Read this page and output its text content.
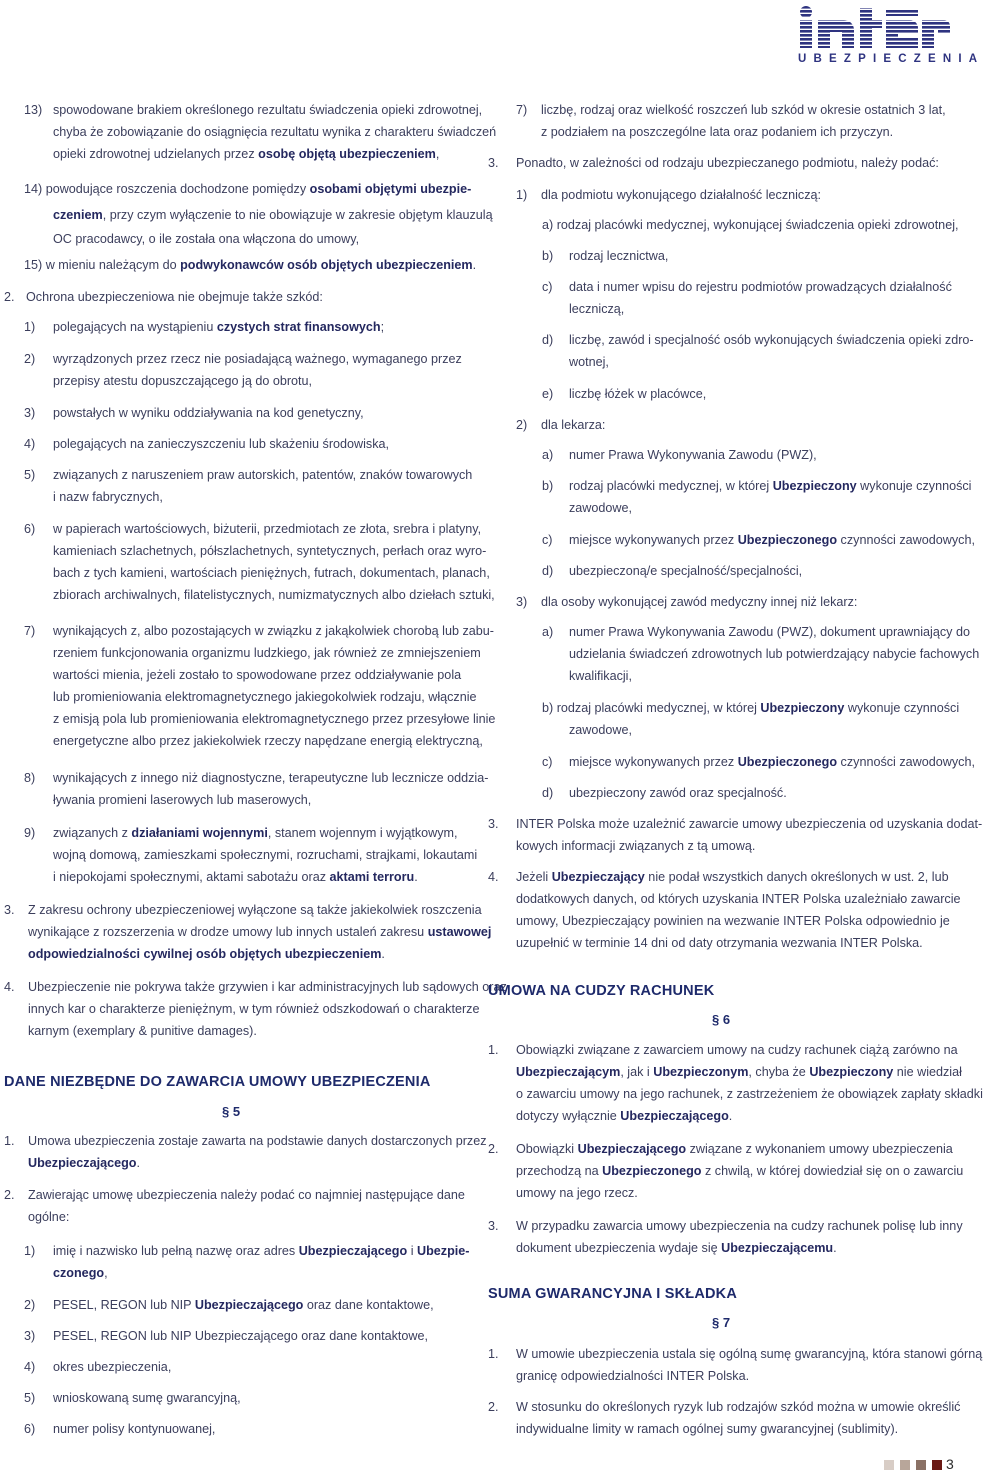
UBEZPIECZENIA
13) spowodowane brakiem określonego rezultatu świadczenia opieki zdrowotnej,
chyba że zobowiązanie do osiągnięcia rezultatu wynika z charakteru świadczeń
opieki zdrowotnej udzielanych przez osobę objętą ubezpieczeniem,
14) powodujące roszczenia dochodzone pomiędzy osobami objętymi ubezpie-
czeniem, przy czym wyłączenie to nie obowiązuje w zakresie objętym klauzulą
OC pracodawcy, o ile została ona włączona do umowy,
15) w mieniu należącym do podwykonawców osób objętych ubezpieczeniem.
2. Ochrona ubezpieczeniowa nie obejmuje także szkód:
1) polegających na wystąpieniu czystych strat finansowych;
2) wyrządzonych przez rzecz nie posiadającą ważnego, wymaganego przez
przepisy atestu dopuszczającego ją do obrotu,
3) powstałych w wyniku oddziaływania na kod genetyczny,
4) polegających na zanieczyszczeniu lub skażeniu środowiska,
5) związanych z naruszeniem praw autorskich, patentów, znaków towarowych
i nazw fabrycznych,
6) w papierach wartościowych, biżuterii, przedmiotach ze złota, srebra i platyny,
kamieniach szlachetnych, półszlachetnych, syntetycznych, perłach oraz wyro-
bach z tych kamieni, wartościach pieniężnych, futrach, dokumentach, planach,
zbiorach archiwalnych, filatelistycznych, numizmatycznych albo dziełach sztuki,
7) wynikających z, albo pozostających w związku z jakąkolwiek chorobą lub zabu-
rzeniem funkcjonowania organizmu ludzkiego, jak również ze zmniejszeniem
wartości mienia, jeżeli zostało to spowodowane przez oddziaływanie pola
lub promieniowania elektromagnetycznego jakiegokolwiek rodzaju, włącznie
z emisją pola lub promieniowania elektromagnetycznego przez przesyłowe linie
energetyczne albo przez jakiekolwiek rzeczy napędzane energią elektryczną,
8) wynikających z innego niż diagnostyczne, terapeutyczne lub lecznicze oddzia-
ływania promieni laserowych lub maserowych,
9) związanych z działaniami wojennymi, stanem wojennym i wyjątkowym,
wojną domową, zamieszkami społecznymi, rozruchami, strajkami, lokautami
i niepokojami społecznymi, aktami sabotażu oraz aktami terroru.
3. Z zakresu ochrony ubezpieczeniowej wyłączone są także jakiekolwiek roszczenia
wynikające z rozszerzenia w drodze umowy lub innych ustaleń zakresu ustawowej
odpowiedzialności cywilnej osób objętych ubezpieczeniem.
4. Ubezpieczenie nie pokrywa także grzywien i kar administracyjnych lub sądowych oraz
innych kar o charakterze pieniężnym, w tym również odszkodowań o charakterze
karnym (exemplary & punitive damages).
DANE NIEZBĘDNE DO ZAWARCIA UMOWY UBEZPIECZENIA
§ 5
1. Umowa ubezpieczenia zostaje zawarta na podstawie danych dostarczonych przez
Ubezpieczającego.
2. Zawierając umowę ubezpieczenia należy podać co najmniej następujące dane
ogólne:
1) imię i nazwisko lub pełną nazwę oraz adres Ubezpieczającego i Ubezpie-
czonego,
2) PESEL, REGON lub NIP Ubezpieczającego oraz dane kontaktowe,
3) PESEL, REGON lub NIP Ubezpieczającego oraz dane kontaktowe,
4) okres ubezpieczenia,
5) wnioskowaną sumę gwarancyjną,
6) numer polisy kontynuowanej,
7) liczbę, rodzaj oraz wielkość roszczeń lub szkód w okresie ostatnich 3 lat,
z podziałem na poszczególne lata oraz podaniem ich przyczyn.
3. Ponadto, w zależności od rodzaju ubezpieczanego podmiotu, należy podać:
1) dla podmiotu wykonującego działalność leczniczą:
a) rodzaj placówki medycznej, wykonującej świadczenia opieki zdrowotnej,
b) rodzaj lecznictwa,
c) data i numer wpisu do rejestru podmiotów prowadzących działalność
leczniczą,
d) liczbę, zawód i specjalność osób wykonujących świadczenia opieki zdro-
wotnej,
e) liczbę łóżek w placówce,
2) dla lekarza:
a) numer Prawa Wykonywania Zawodu (PWZ),
b) rodzaj placówki medycznej, w której Ubezpieczony wykonuje czynności
zawodowe,
c) miejsce wykonywanych przez Ubezpieczonego czynności zawodowych,
d) ubezpieczoną/e specjalność/specjalności,
3) dla osoby wykonującej zawód medyczny innej niż lekarz:
a) numer Prawa Wykonywania Zawodu (PWZ), dokument uprawniający do
udzielania świadczeń zdrowotnych lub potwierdzający nabycie fachowych
kwalifikacji,
b) rodzaj placówki medycznej, w której Ubezpieczony wykonuje czynności
zawodowe,
c) miejsce wykonywanych przez Ubezpieczonego czynności zawodowych,
d) ubezpieczony zawód oraz specjalność.
3. INTER Polska może uzależnić zawarcie umowy ubezpieczenia od uzyskania dodat-
kowych informacji związanych z tą umową.
4. Jeżeli Ubezpieczający nie podał wszystkich danych określonych w ust. 2, lub
dodatkowych danych, od których uzyskania INTER Polska uzależniało zawarcie
umowy, Ubezpieczający powinien na wezwanie INTER Polska odpowiednio je
uzupełnić w terminie 14 dni od daty otrzymania wezwania INTER Polska.
UMOWA NA CUDZY RACHUNEK
§ 6
1. Obowiązki związane z zawarciem umowy na cudzy rachunek ciążą zarówno na
Ubezpieczającym, jak i Ubezpieczonym, chyba że Ubezpieczony nie wiedział
o zawarciu umowy na jego rachunek, z zastrzeżeniem że obowiązek zapłaty składki
dotyczy wyłącznie Ubezpieczającego.
2. Obowiązki Ubezpieczającego związane z wykonaniem umowy ubezpieczenia
przechodzą na Ubezpieczonego z chwilą, w której dowiedział się on o zawarciu
umowy na jego rzecz.
3. W przypadku zawarcia umowy ubezpieczenia na cudzy rachunek polisę lub inny
dokument ubezpieczenia wydaje się Ubezpieczającemu.
SUMA GWARANCYJNA I SKŁADKA
§ 7
1. W umowie ubezpieczenia ustala się ogólną sumę gwarancyjną, która stanowi górną
granicę odpowiedzialności INTER Polska.
2. W stosunku do określonych ryzyk lub rodzajów szkód można w umowie określić
indywidualne limity w ramach ogólnej sumy gwarancyjnej (sublimity).
3
